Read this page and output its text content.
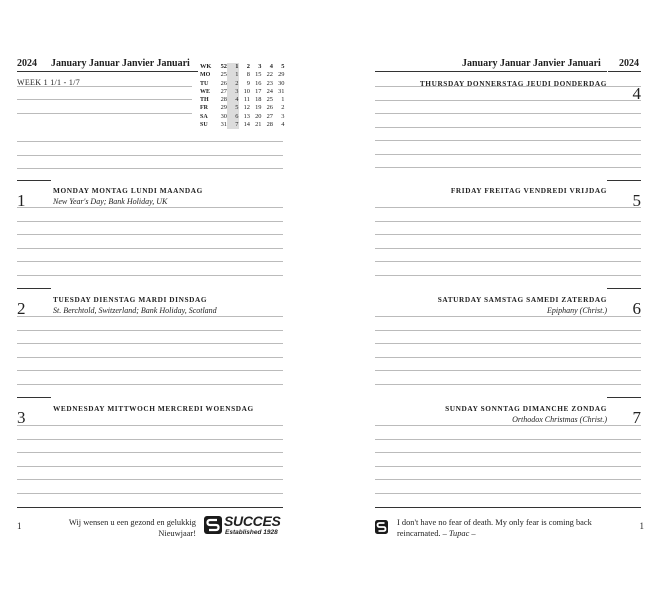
2024 January Januar Janvier Januari
WEEK 1 1/1 - 1/7
WK	52	1	2	3	4	5
MO	25	1	8	15	22	29
TU	26	2	9	16	23	30
WE	27	3	10	17	24	31
TH	28	4	11	18	25	1
FR	29	5	12	19	26	2
SA	30	6	13	20	27	3
SU	31	7	14	21	28	4
1
MONDAY MONTAG LUNDI MAANDAG
New Year's Day; Bank Holiday, UK
2	TUESDAY DIENSTAG MARDI DINSDAG
St. Berchtold, Switzerland; Bank Holiday, Scotland
3	WEDNESDAY MITTWOCH MERCREDI WOENSDAG
1	Wij wensen u een gezond en gelukkig Nieuwjaar!
SUCCES
Established 1928
January Januar Janvier Januari 2024
4
THURSDAY DONNERSTAG JEUDI DONDERDAG
5
FRIDAY FREITAG VENDREDI VRIJDAG
6
SATURDAY SAMSTAG SAMEDI ZATERDAG
Epiphany (Christ.)
7
SUNDAY SONNTAG DIMANCHE ZONDAG
Orthodox Christmas (Christ.)
I don't have no fear of death. My only fear is coming back reincarnated. – Tupac –
1
